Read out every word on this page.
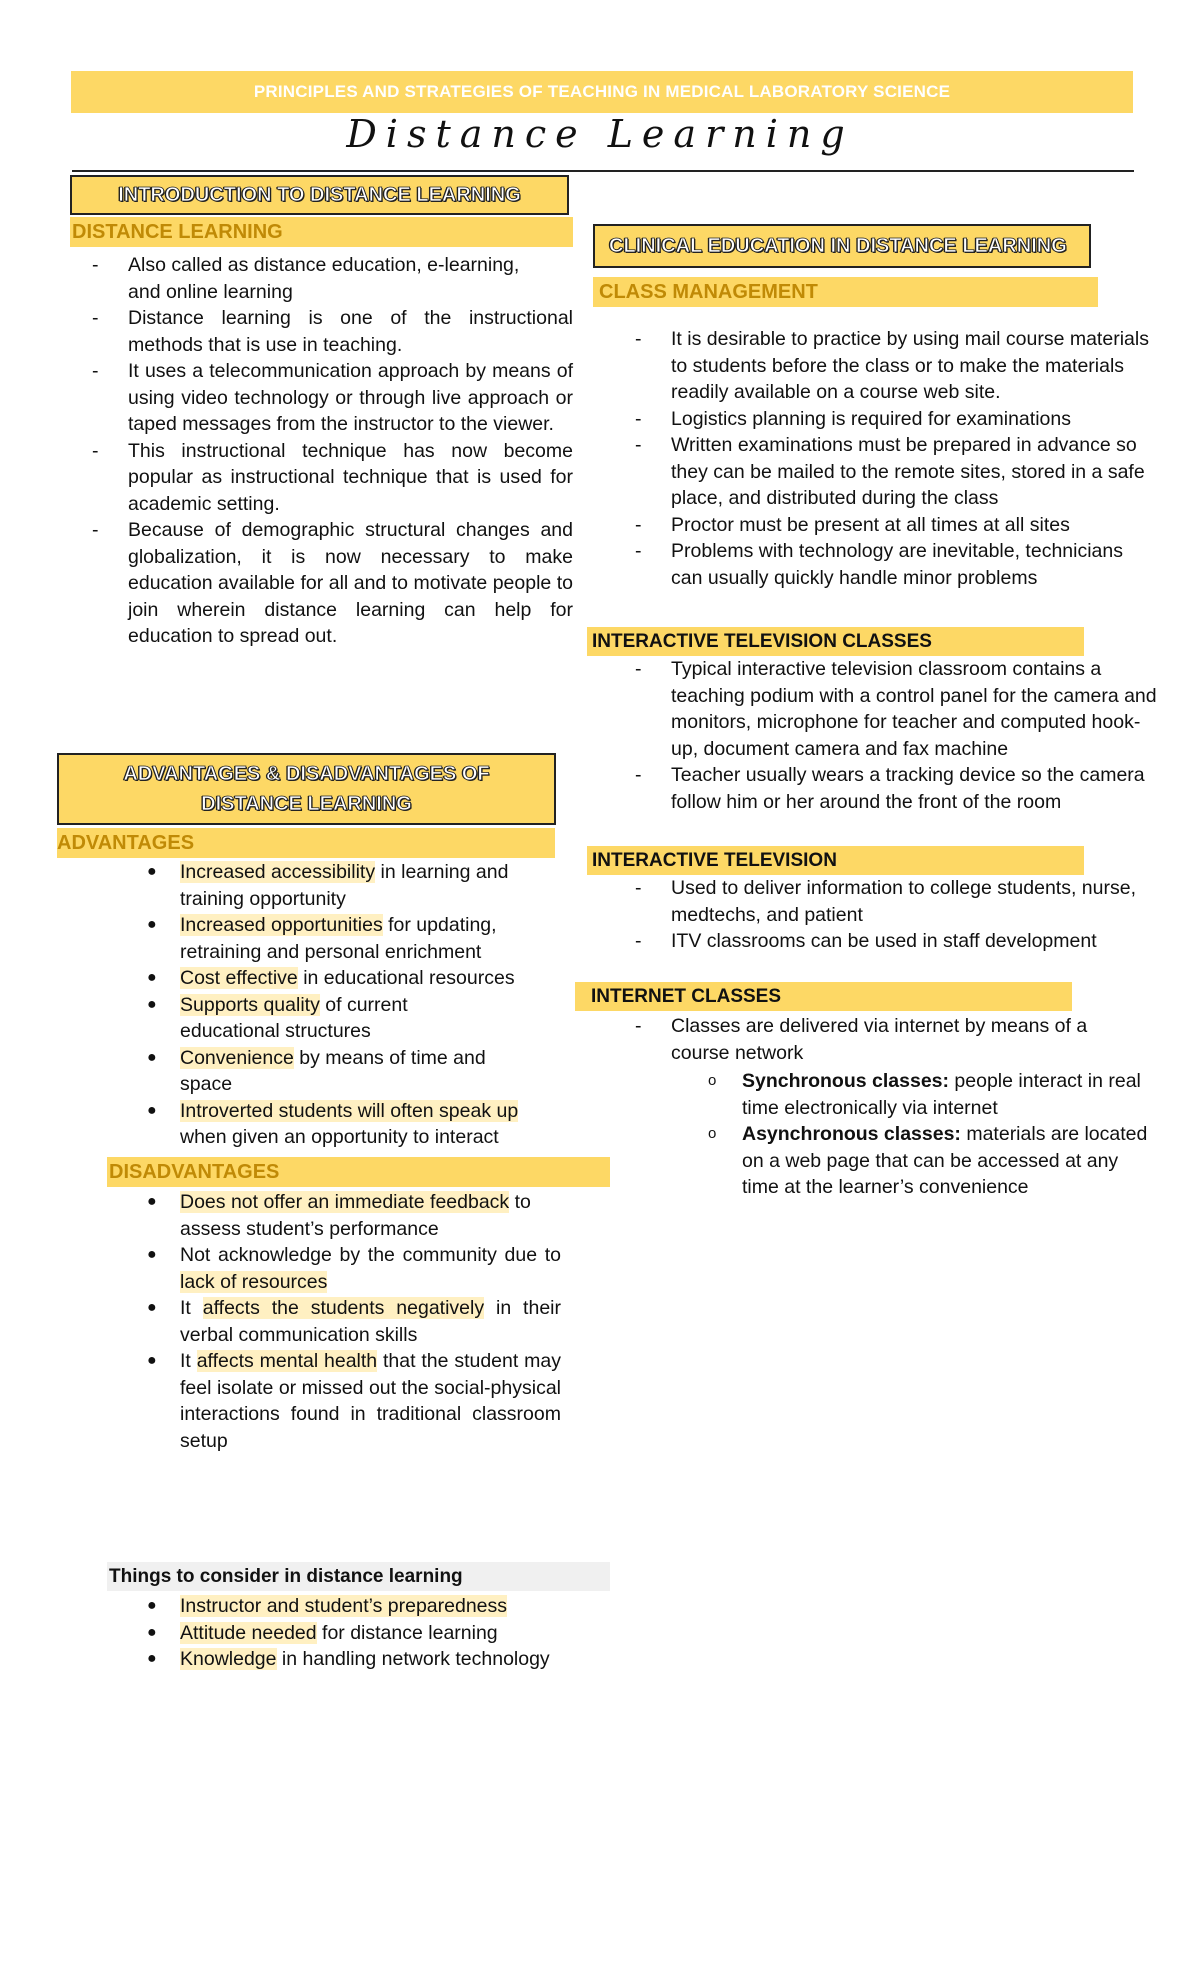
PRINCIPLES AND STRATEGIES OF TEACHING IN MEDICAL LABORATORY SCIENCE
Distance Learning
INTRODUCTION TO DISTANCE LEARNING
DISTANCE LEARNING
- Also called as distance education, e-learning, and online learning
- Distance learning is one of the instructional methods that is use in teaching.
- It uses a telecommunication approach by means of using video technology or through live approach or taped messages from the instructor to the viewer.
- This instructional technique has now become popular as instructional technique that is used for academic setting.
- Because of demographic structural changes and globalization, it is now necessary to make education available for all and to motivate people to join wherein distance learning can help for education to spread out.
ADVANTAGES & DISADVANTAGES OF
DISTANCE LEARNING
ADVANTAGES
● Increased accessibility in learning and training opportunity
● Increased opportunities for updating, retraining and personal enrichment
● Cost effective in educational resources
● Supports quality of current educational structures
● Convenience by means of time and space
● Introverted students will often speak up when given an opportunity to interact
DISADVANTAGES
● Does not offer an immediate feedback to assess student’s performance
● Not acknowledge by the community due to lack of resources
● It affects the students negatively in their verbal communication skills
● It affects mental health that the student may feel isolate or missed out the social-physical interactions found in traditional classroom setup
Things to consider in distance learning
● Instructor and student’s preparedness
● Attitude needed for distance learning
● Knowledge in handling network technology
CLINICAL EDUCATION IN DISTANCE LEARNING
CLASS MANAGEMENT
- It is desirable to practice by using mail course materials to students before the class or to make the materials readily available on a course web site.
- Logistics planning is required for examinations
- Written examinations must be prepared in advance so they can be mailed to the remote sites, stored in a safe place, and distributed during the class
- Proctor must be present at all times at all sites
- Problems with technology are inevitable, technicians can usually quickly handle minor problems
INTERACTIVE TELEVISION CLASSES
- Typical interactive television classroom contains a teaching podium with a control panel for the camera and monitors, microphone for teacher and computed hook-up, document camera and fax machine
- Teacher usually wears a tracking device so the camera follow him or her around the front of the room
INTERACTIVE TELEVISION
- Used to deliver information to college students, nurse, medtechs, and patient
- ITV classrooms can be used in staff development
INTERNET CLASSES
- Classes are delivered via internet by means of a course network
o Synchronous classes: people interact in real time electronically via internet
o Asynchronous classes: materials are located on a web page that can be accessed at any time at the learner’s convenience
